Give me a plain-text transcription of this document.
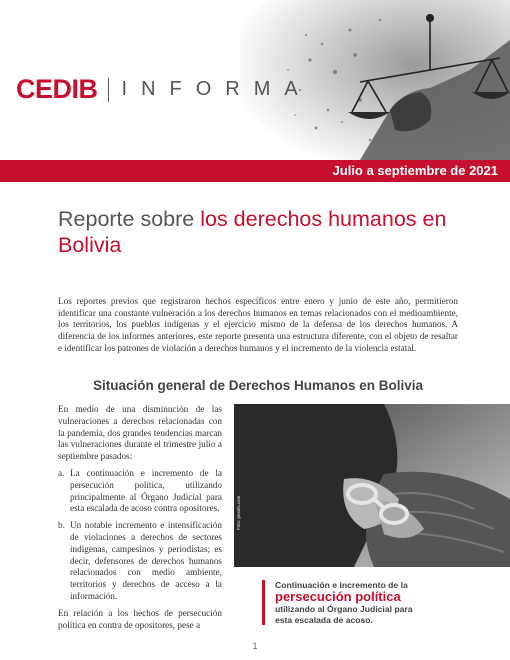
CEDIB INFORMA
Julio a septiembre de 2021
Reporte sobre los derechos humanos en Bolivia

Los reportes previos que registraron hechos específicos entre enero y junio de este año, permitieron identificar una constante vulneración a los derechos humanos en temas relacionados con el medioambiente, los territorios, los pueblos indígenas y el ejercicio mismo de la defensa de los derechos humanos. A diferencia de los informes anteriores, este reporte presenta una estructura diferente, con el objeto de resaltar e identificar los patrones de violación a derechos humanos y el incremento de la violencia estatal.

Situación general de Derechos Humanos en Bolivia

En medio de una disminución de las vulneraciones a derechos relacionadas con la pandemia, dos grandes tendencias marcan las vulneraciones durante el trimestre julio a septiembre pasados:

a. La continuación e incremento de la persecución política, utilizando principalmente al Órgano Judicial para esta escalada de acoso contra opositores.
b. Un notable incremento e intensificación de violaciones a derechos de sectores indígenas, campesinos y periodistas; es decir, defensores de derechos humanos relacionados con medio ambiente, territorios y derechos de acceso a la información.

En relación a los hechos de persecución política en contra de opositores, pese a

Foto: pexels.com
Continuación e incremento de la
persecución política
utilizando al Órgano Judicial para esta escalada de acoso.
1
